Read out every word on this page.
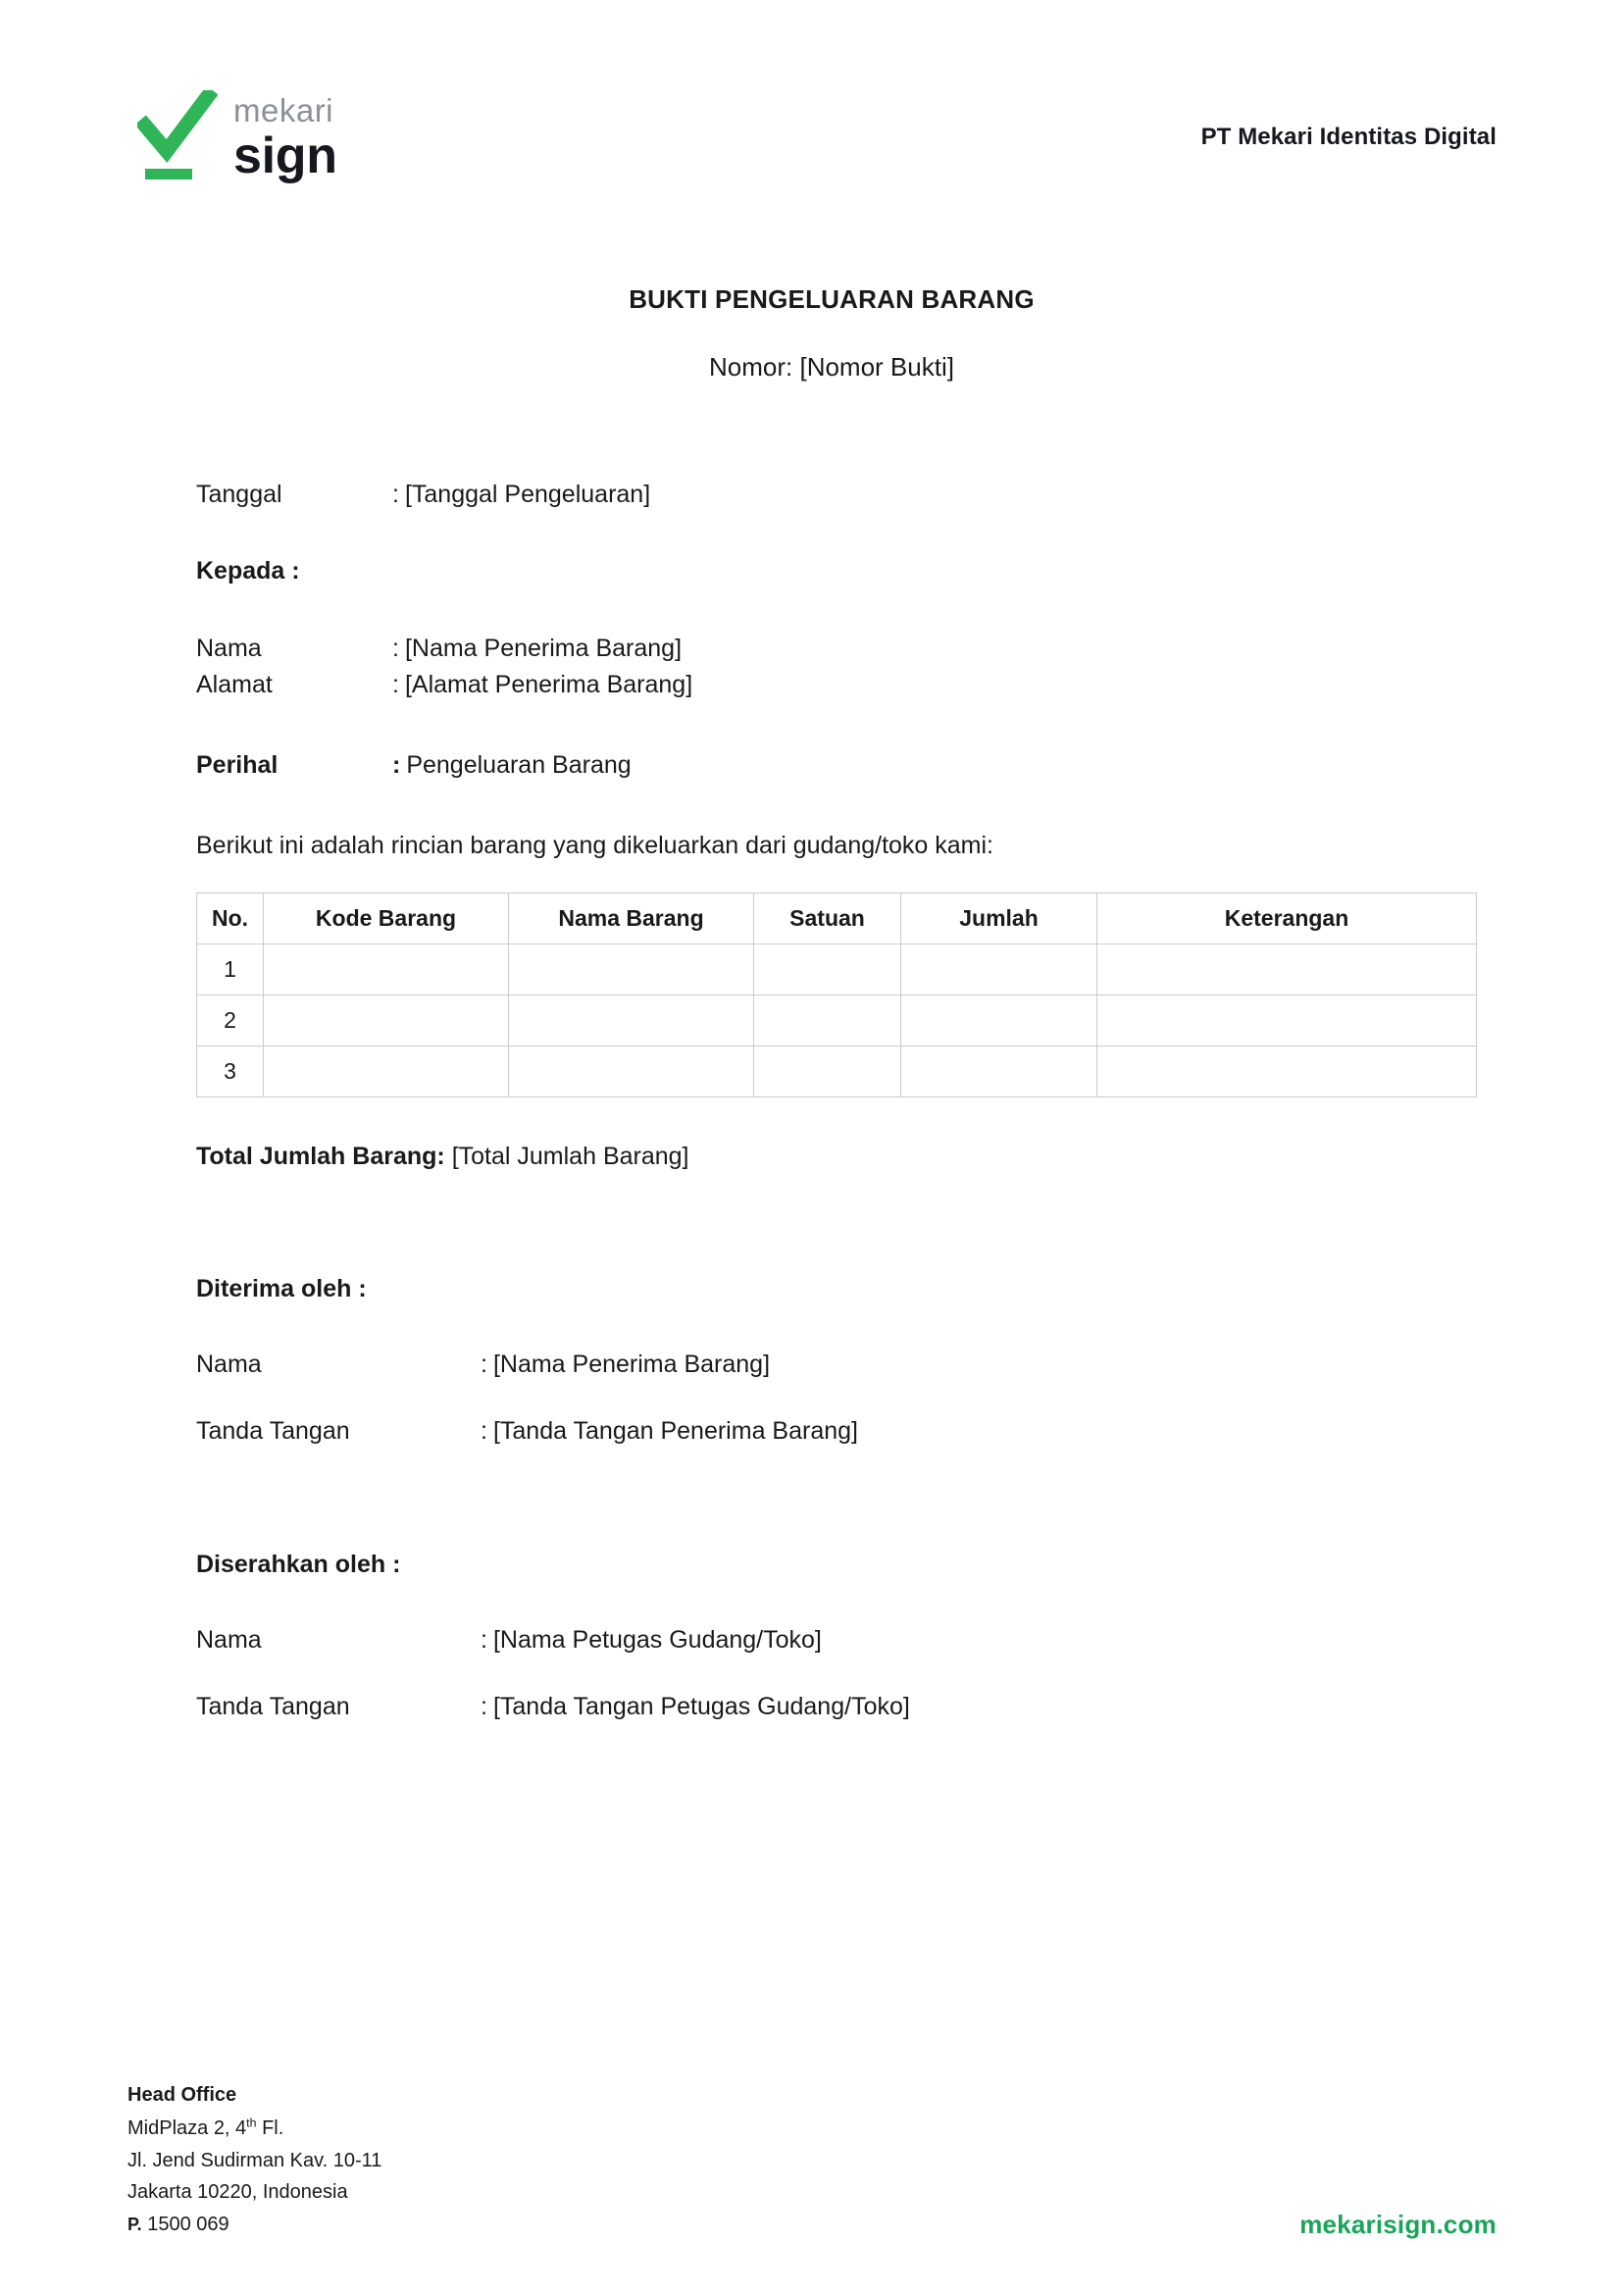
mekari
sign	PT Mekari Identitas Digital
BUKTI PENGELUARAN BARANG
Nomor: [Nomor Bukti]
Tanggal	: [Tanggal Pengeluaran]
Kepada :
Nama	: [Nama Penerima Barang]
Alamat	: [Alamat Penerima Barang]
Perihal	: Pengeluaran Barang
Berikut ini adalah rincian barang yang dikeluarkan dari gudang/toko kami:
No.	Kode Barang	Nama Barang	Satuan	Jumlah	Keterangan
1					
2					
3					
Total Jumlah Barang: [Total Jumlah Barang]
Diterima oleh :
Nama	: [Nama Penerima Barang]
Tanda Tangan	: [Tanda Tangan Penerima Barang]
Diserahkan oleh :
Nama	: [Nama Petugas Gudang/Toko]
Tanda Tangan	: [Tanda Tangan Petugas Gudang/Toko]
Head Office
MidPlaza 2, 4th Fl.
Jl. Jend Sudirman Kav. 10-11
Jakarta 10220, Indonesia
P. 1500 069	mekarisign.com
